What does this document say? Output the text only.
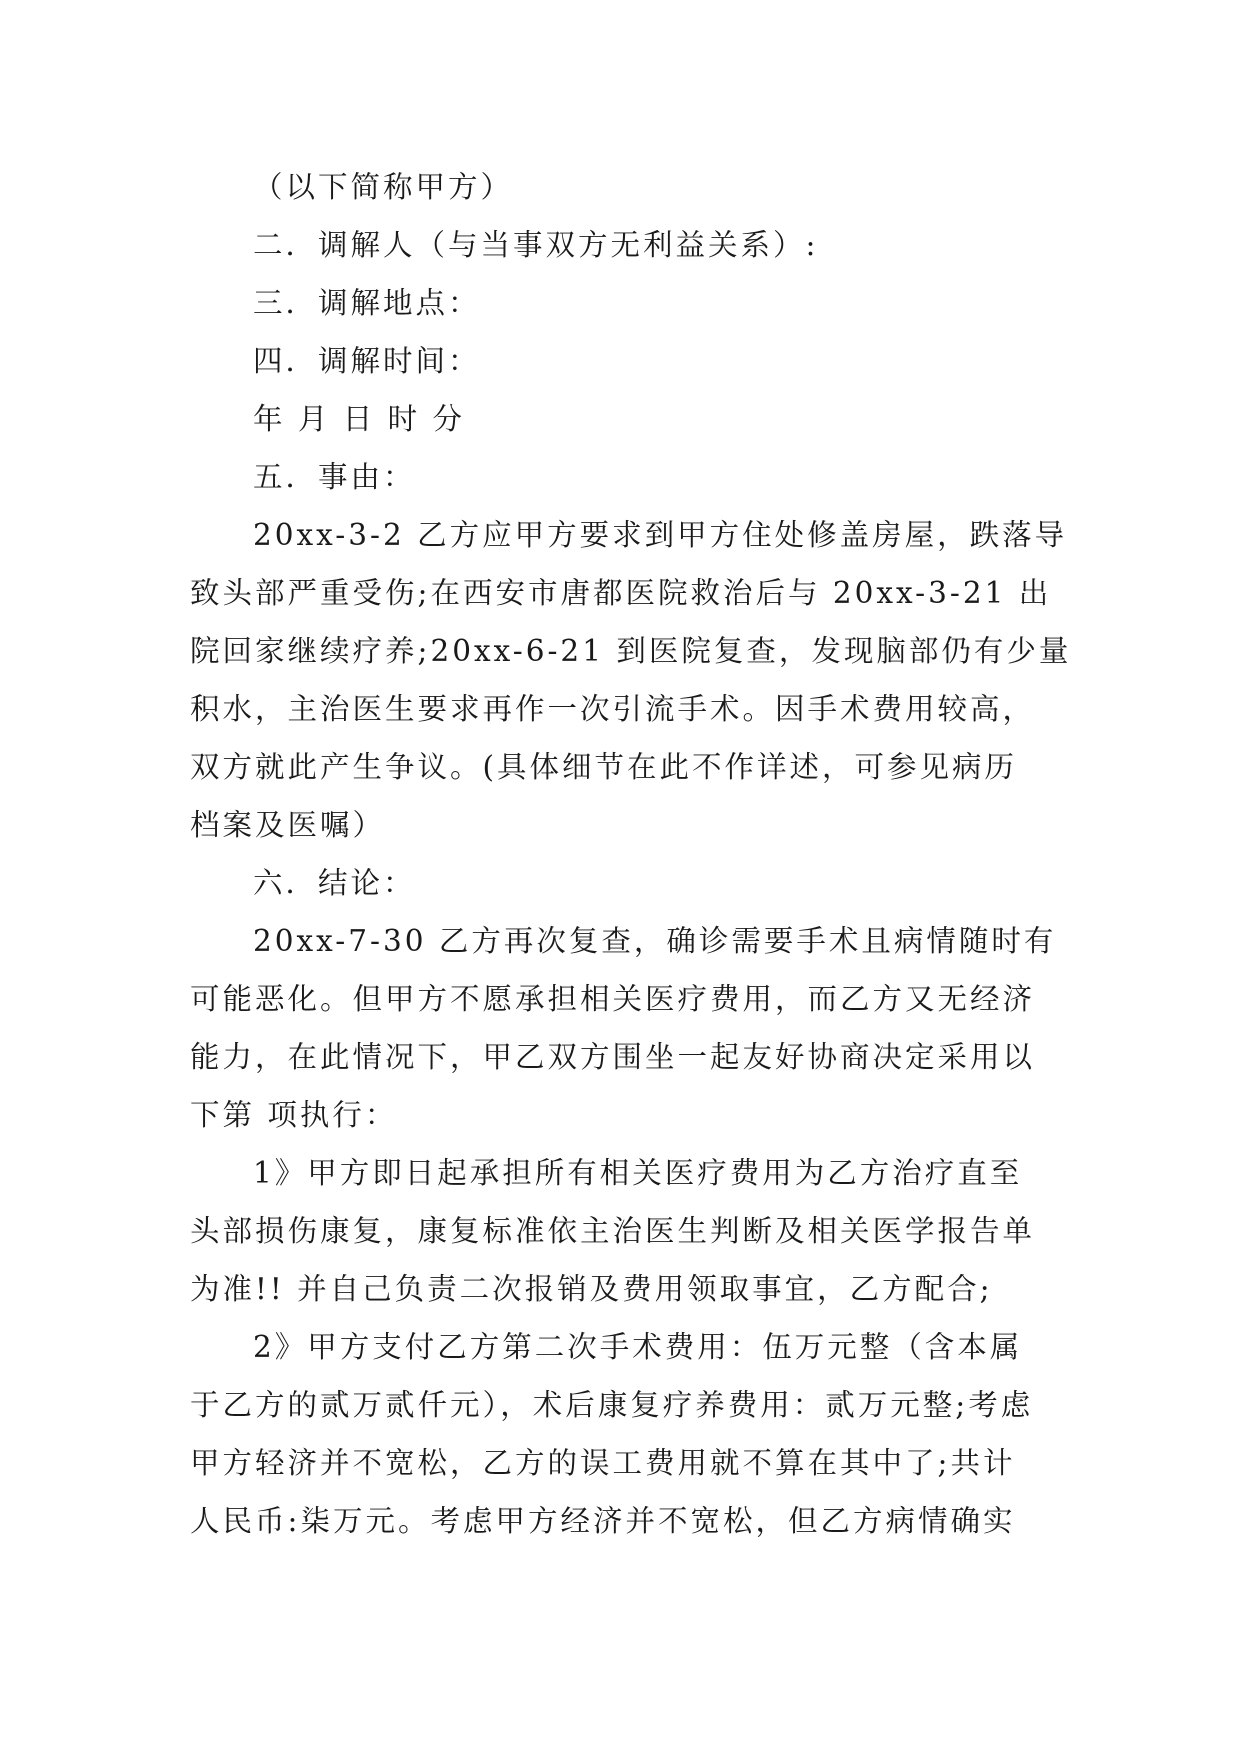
（以下简称甲方）
二．调解人（与当事双方无利益关系）:
三．调解地点：
四．调解时间：
年 月 日 时 分
五．事由：
20xx-3-2 乙方应甲方要求到甲方住处修盖房屋，跌落导
致头部严重受伤;在西安市唐都医院救治后与 20xx-3-21 出
院回家继续疗养;20xx-6-21 到医院复查，发现脑部仍有少量
积水，主治医生要求再作一次引流手术。因手术费用较高，
双方就此产生争议。(具体细节在此不作详述，可参见病历
档案及医嘱）
六．结论：
20xx-7-30 乙方再次复查，确诊需要手术且病情随时有
可能恶化。但甲方不愿承担相关医疗费用，而乙方又无经济
能力，在此情况下，甲乙双方围坐一起友好协商决定采用以
下第 项执行：
1》甲方即日起承担所有相关医疗费用为乙方治疗直至
头部损伤康复，康复标准依主治医生判断及相关医学报告单
为准!! 并自己负责二次报销及费用领取事宜，乙方配合;
2》甲方支付乙方第二次手术费用：伍万元整（含本属
于乙方的贰万贰仟元），术后康复疗养费用：贰万元整;考虑
甲方轻济并不宽松，乙方的误工费用就不算在其中了;共计
人民币:柒万元。考虑甲方经济并不宽松，但乙方病情确实
